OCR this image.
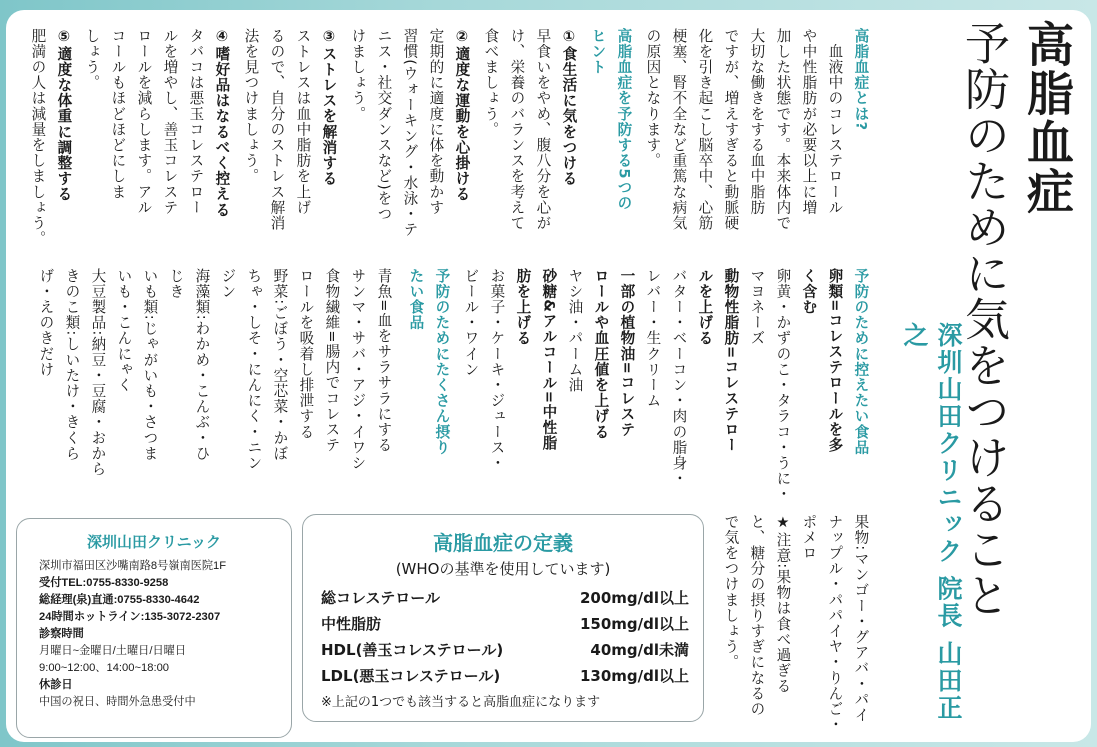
高脂血症
予防のために気をつけること
深圳山田クリニック 院長 山田正之
高脂血症とは?
　血液中のコレステロール
や中性脂肪が必要以上に増
加した状態です。本来体内で
大切な働きをする血中脂肪
ですが、増えすぎると動脈硬
化を引き起こし脳卒中、心筋
梗塞、腎不全など重篤な病気
の原因となります。
高脂血症を予防する5つの
ヒント
①食生活に気をつける
早食いをやめ、腹八分を心が
け、栄養のバランスを考えて
食べましょう。
②適度な運動を心掛ける
定期的に適度に体を動かす
習慣(ウォーキング・水泳・テ
ニス・社交ダンスなど)をつ
けましょう。
③ストレスを解消する
ストレスは血中脂肪を上げ
るので、自分のストレス解消
法を見つけましょう。
④嗜好品はなるべく控える
タバコは悪玉コレステロー
ルを増やし、善玉コレステ
ロールを減らします。アル
コールもほどほどにしま
しょう。
⑤適度な体重に調整する
肥満の人は減量をしましょう。
予防のために控えたい食品
卵類=コレステロールを多
く含む
卵黄・かずのこ・タラコ・うに・
マヨネーズ
動物性脂肪=コレステロー
ルを上げる
バター・ベーコン・肉の脂身・
レバー・生クリーム
一部の植物油=コレステ
ロールや血圧値を上げる
ヤシ油・パーム油
砂糖&アルコール=中性脂
肪を上げる
お菓子・ケーキ・ジュース・
ビール・ワイン
予防のためにたくさん摂り
たい食品
青魚=血をサラサラにする
サンマ・サバ・アジ・イワシ
食物繊維=腸内でコレステ
ロールを吸着し排泄する
野菜:ごぼう・空芯菜・かぼ
ちゃ・しそ・にんにく・ニン
ジン
海藻類:わかめ・こんぶ・ひ
じき
いも類:じゃがいも・さつま
いも・こんにゃく
大豆製品:納豆・豆腐・おから
きのこ類:しいたけ・きくら
げ・えのきだけ
果物:マンゴー・グアバ・パイ
ナップル・パパイヤ・りんご・
ポメロ
★注意:果物は食べ過ぎる
と、糖分の摂りすぎになるの
で気をつけましょう。
深圳山田クリニック
深圳市福田区沙嘴南路8号嶺南医院1F
受付TEL:0755-8330-9258
総経理(泉)直通:0755-8330-4642
24時間ホットライン:135-3072-2307
診察時間
月曜日~金曜日/土曜日/日曜日
9:00~12:00、14:00~18:00
休診日
中国の祝日、時間外急患受付中
高脂血症の定義
(WHOの基準を使用しています)
総コレステロール	200mg/dl以上
中性脂肪	150mg/dl以上
HDL(善玉コレステロール)	40mg/dl未満
LDL(悪玉コレステロール)	130mg/dl以上
※上記の1つでも該当すると高脂血症になります
